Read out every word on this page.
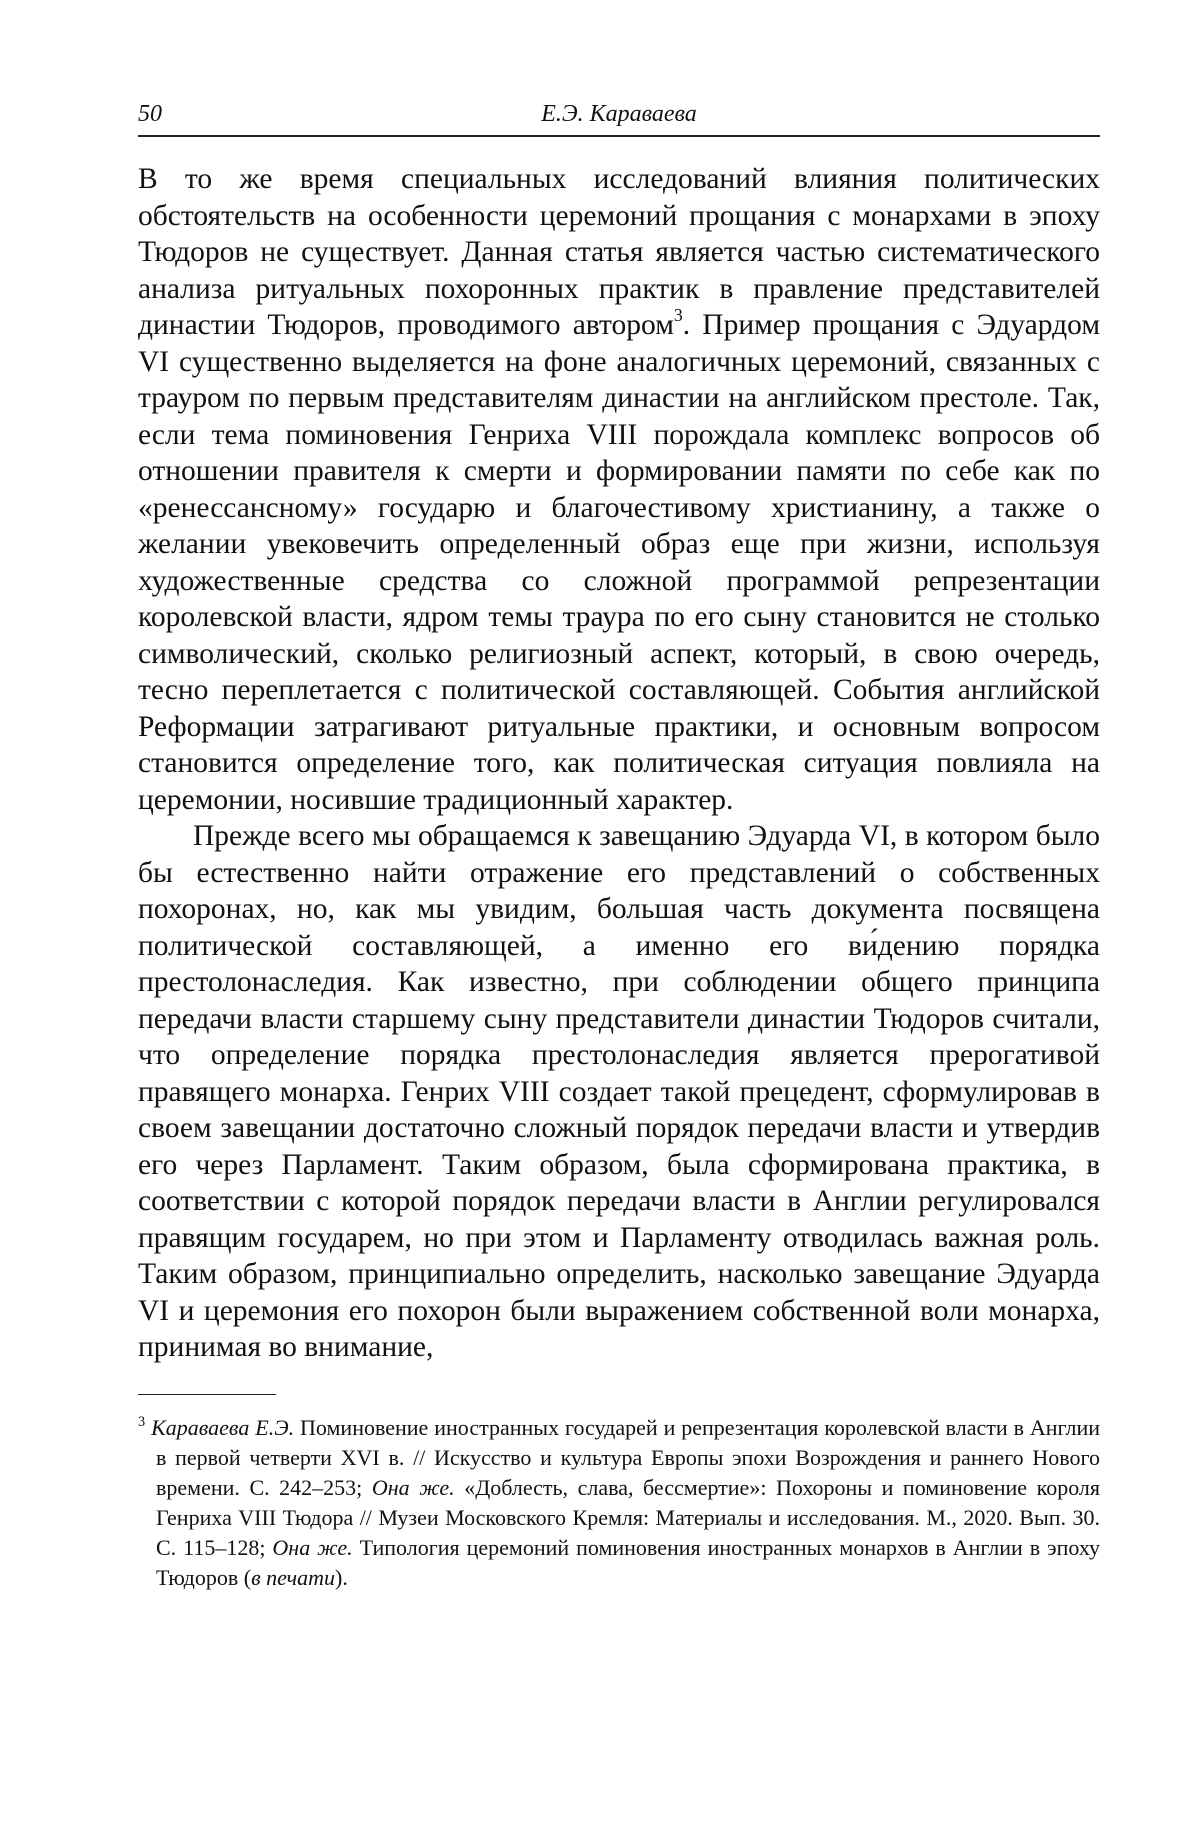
50	Е.Э. Караваева

В то же время специальных исследований влияния политических обстоятельств на особенности церемоний прощания с монархами в эпоху Тюдоров не существует. Данная статья является частью систематического анализа ритуальных похоронных практик в правление представителей династии Тюдоров, проводимого автором3. Пример прощания с Эдуардом VI существенно выделяется на фоне аналогичных церемоний, связанных с трауром по первым представителям династии на английском престоле. Так, если тема поминовения Генриха VIII порождала комплекс вопросов об отношении правителя к смерти и формировании памяти по себе как по «ренессансному» государю и благочестивому христианину, а также о желании увековечить определенный образ еще при жизни, используя художественные средства со сложной программой репрезентации королевской власти, ядром темы траура по его сыну становится не столько символический, сколько религиозный аспект, который, в свою очередь, тесно переплетается с политической составляющей. События английской Реформации затрагивают ритуальные практики, и основным вопросом становится определение того, как политическая ситуация повлияла на церемонии, носившие традиционный характер.

Прежде всего мы обращаемся к завещанию Эдуарда VI, в котором было бы естественно найти отражение его представлений о собственных похоронах, но, как мы увидим, большая часть документа посвящена политической составляющей, а именно его ви́дению порядка престолонаследия. Как известно, при соблюдении общего принципа передачи власти старшему сыну представители династии Тюдоров считали, что определение порядка престолонаследия является прерогативой правящего монарха. Генрих VIII создает такой прецедент, сформулировав в своем завещании достаточно сложный порядок передачи власти и утвердив его через Парламент. Таким образом, была сформирована практика, в соответствии с которой порядок передачи власти в Англии регулировался правящим государем, но при этом и Парламенту отводилась важная роль. Таким образом, принципиально определить, насколько завещание Эдуарда VI и церемония его похорон были выражением собственной воли монарха, принимая во внимание,

3 Караваева Е.Э. Поминовение иностранных государей и репрезентация королевской власти в Англии в первой четверти XVI в. // Искусство и культура Европы эпохи Возрождения и раннего Нового времени. С. 242–253; Она же. «Доблесть, слава, бессмертие»: Похороны и поминовение короля Генриха VIII Тюдора // Музеи Московского Кремля: Материалы и исследования. М., 2020. Вып. 30. С. 115–128; Она же. Типология церемоний поминовения иностранных монархов в Англии в эпоху Тюдоров (в печати).
